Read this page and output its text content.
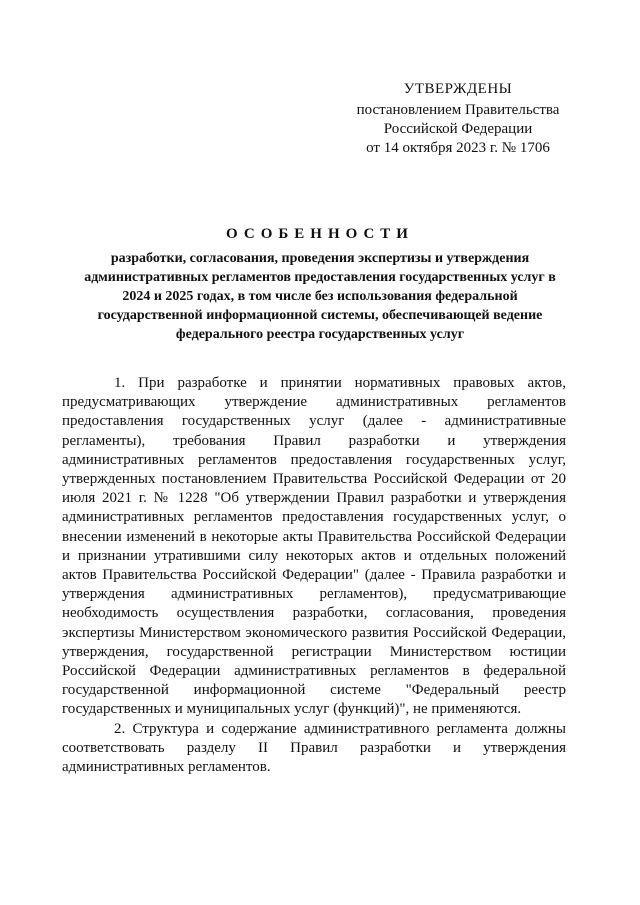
УТВЕРЖДЕНЫ
постановлением Правительства
Российской Федерации
от 14 октября 2023 г. № 1706
ОСОБЕННОСТИ
разработки, согласования, проведения экспертизы и утверждения административных регламентов предоставления государственных услуг в 2024 и 2025 годах, в том числе без использования федеральной государственной информационной системы, обеспечивающей ведение федерального реестра государственных услуг

1. При разработке и принятии нормативных правовых актов, предусматривающих утверждение административных регламентов предоставления государственных услуг (далее - административные регламенты), требования Правил разработки и утверждения административных регламентов предоставления государственных услуг, утвержденных постановлением Правительства Российской Федерации от 20 июля 2021 г. № 1228 "Об утверждении Правил разработки и утверждения административных регламентов предоставления государственных услуг, о внесении изменений в некоторые акты Правительства Российской Федерации и признании утратившими силу некоторых актов и отдельных положений актов Правительства Российской Федерации" (далее - Правила разработки и утверждения административных регламентов), предусматривающие необходимость осуществления разработки, согласования, проведения экспертизы Министерством экономического развития Российской Федерации, утверждения, государственной регистрации Министерством юстиции Российской Федерации административных регламентов в федеральной государственной информационной системе "Федеральный реестр государственных и муниципальных услуг (функций)", не применяются.

2. Структура и содержание административного регламента должны соответствовать разделу II Правил разработки и утверждения административных регламентов.
